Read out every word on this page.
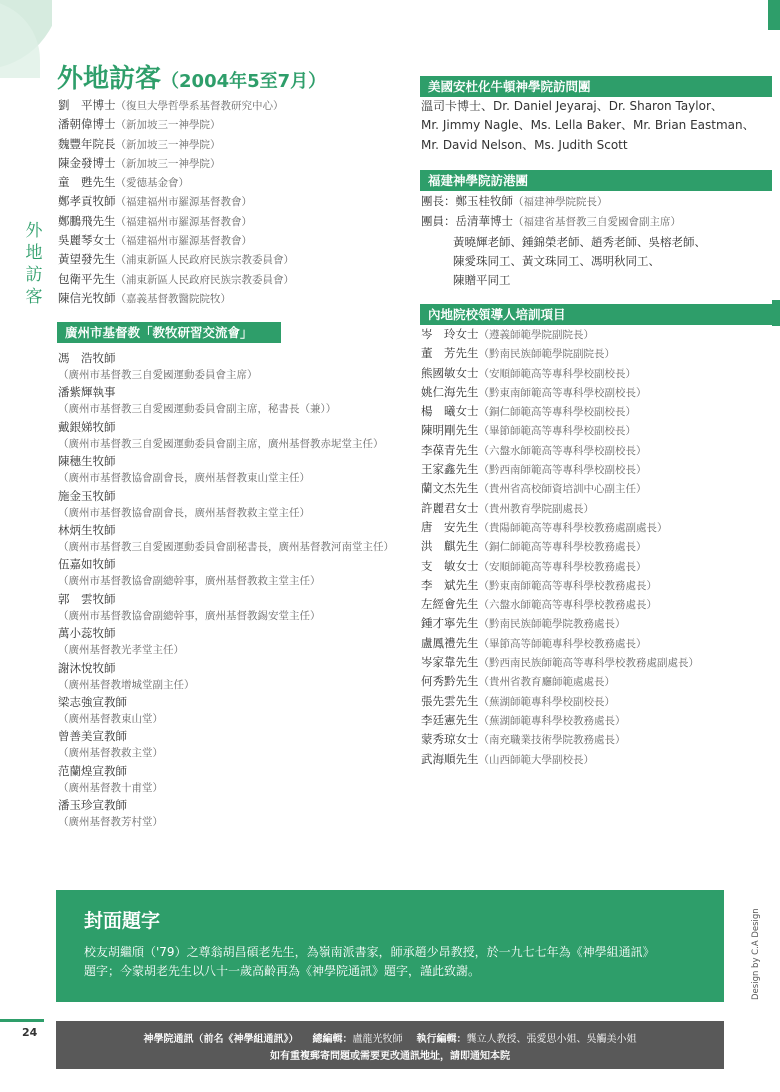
外地訪客
外地訪客（2004年5至7月）
劉　平博士（復旦大學哲學系基督教研究中心）
潘朝偉博士（新加坡三一神學院）
魏豐年院長（新加坡三一神學院）
陳金發博士（新加坡三一神學院）
童　甦先生（愛德基金會）
鄭孝貢牧師（福建福州市羅源基督教會）
鄭鵬飛先生（福建福州市羅源基督教會）
吳麗琴女士（福建福州市羅源基督教會）
黃望發先生（浦東新區人民政府民族宗教委員會）
包衛平先生（浦東新區人民政府民族宗教委員會）
陳信光牧師（嘉義基督教醫院院牧）
廣州市基督教「教牧研習交流會」
馮　浩牧師
（廣州市基督教三自愛國運動委員會主席）
潘紫輝執事
（廣州市基督教三自愛國運動委員會副主席，秘書長（兼））
戴銀娣牧師
（廣州市基督教三自愛國運動委員會副主席，廣州基督教赤坭堂主任）
陳穗生牧師
（廣州市基督教協會副會長，廣州基督教東山堂主任）
施金玉牧師
（廣州市基督教協會副會長，廣州基督教救主堂主任）
林炳生牧師
（廣州市基督教三自愛國運動委員會副秘書長，廣州基督教河南堂主任）
伍嘉如牧師
（廣州市基督教協會副總幹事，廣州基督教救主堂主任）
郭　雲牧師
（廣州市基督教協會副總幹事，廣州基督教錫安堂主任）
萬小蕊牧師
（廣州基督教光孝堂主任）
謝沐悅牧師
（廣州基督教增城堂副主任）
梁志強宣教師
（廣州基督教東山堂）
曾善美宣教師
（廣州基督教救主堂）
范蘭煌宣教師
（廣州基督教十甫堂）
潘玉珍宣教師
（廣州基督教芳村堂）
美國安杜化牛頓神學院訪問團
溫司卡博士、Dr. Daniel Jeyaraj、Dr. Sharon Taylor、
Mr. Jimmy Nagle、Ms. Lella Baker、Mr. Brian Eastman、
Mr. David Nelson、Ms. Judith Scott
福建神學院訪港團
團長：鄭玉桂牧師（福建神學院院長）
團員：岳清華博士（福建省基督教三自愛國會副主席）
黃曉輝老師、鍾錦榮老師、趙秀老師、吳榕老師、
陳愛珠同工、黃文珠同工、馮明秋同工、
陳贈平同工
內地院校領導人培訓項目
岑　玲女士（遵義師範學院副院長）
董　芳先生（黔南民族師範學院副院長）
熊國敏女士（安順師範高等專科學校副校長）
姚仁海先生（黔東南師範高等專科學校副校長）
楊　曦女士（銅仁師範高等專科學校副校長）
陳明剛先生（畢節師範高等專科學校副校長）
李葆青先生（六盤水師範高等專科學校副校長）
王家鑫先生（黔西南師範高等專科學校副校長）
蘭文杰先生（貴州省高校師資培訓中心副主任）
許麗君女士（貴州教育學院副處長）
唐　安先生（貴陽師範高等專科學校教務處副處長）
洪　麒先生（銅仁師範高等專科學校教務處長）
支　敏女士（安順師範高等專科學校教務處長）
李　斌先生（黔東南師範高等專科學校教務處長）
左經會先生（六盤水師範高等專科學校教務處長）
鍾才寧先生（黔南民族師範學院教務處長）
盧鳳禮先生（畢節高等師範專科學校教務處長）
岑家靠先生（黔西南民族師範高等專科學校教務處副處長）
何秀黔先生（貴州省教育廳師範處處長）
張先雲先生（蕪湖師範專科學校副校長）
李廷憲先生（蕪湖師範專科學校教務處長）
蒙秀琼女士（南充職業技術學院教務處長）
武海順先生（山西師範大學副校長）
封面題字
校友胡繼頎（'79）之尊翁胡昌碩老先生，為嶺南派書家，師承趙少昂教授，於一九七七年為《神學組通訊》
題字；今蒙胡老先生以八十一歲高齡再為《神學院通訊》題字，謹此致謝。	Design by C.A Design
24
神學院通訊（前名《神學組通訊》） 總編輯：盧龍光牧師 執行編輯：龔立人教授、張愛思小姐、吳觸美小姐
如有重複郵寄問題或需要更改通訊地址，請即通知本院
